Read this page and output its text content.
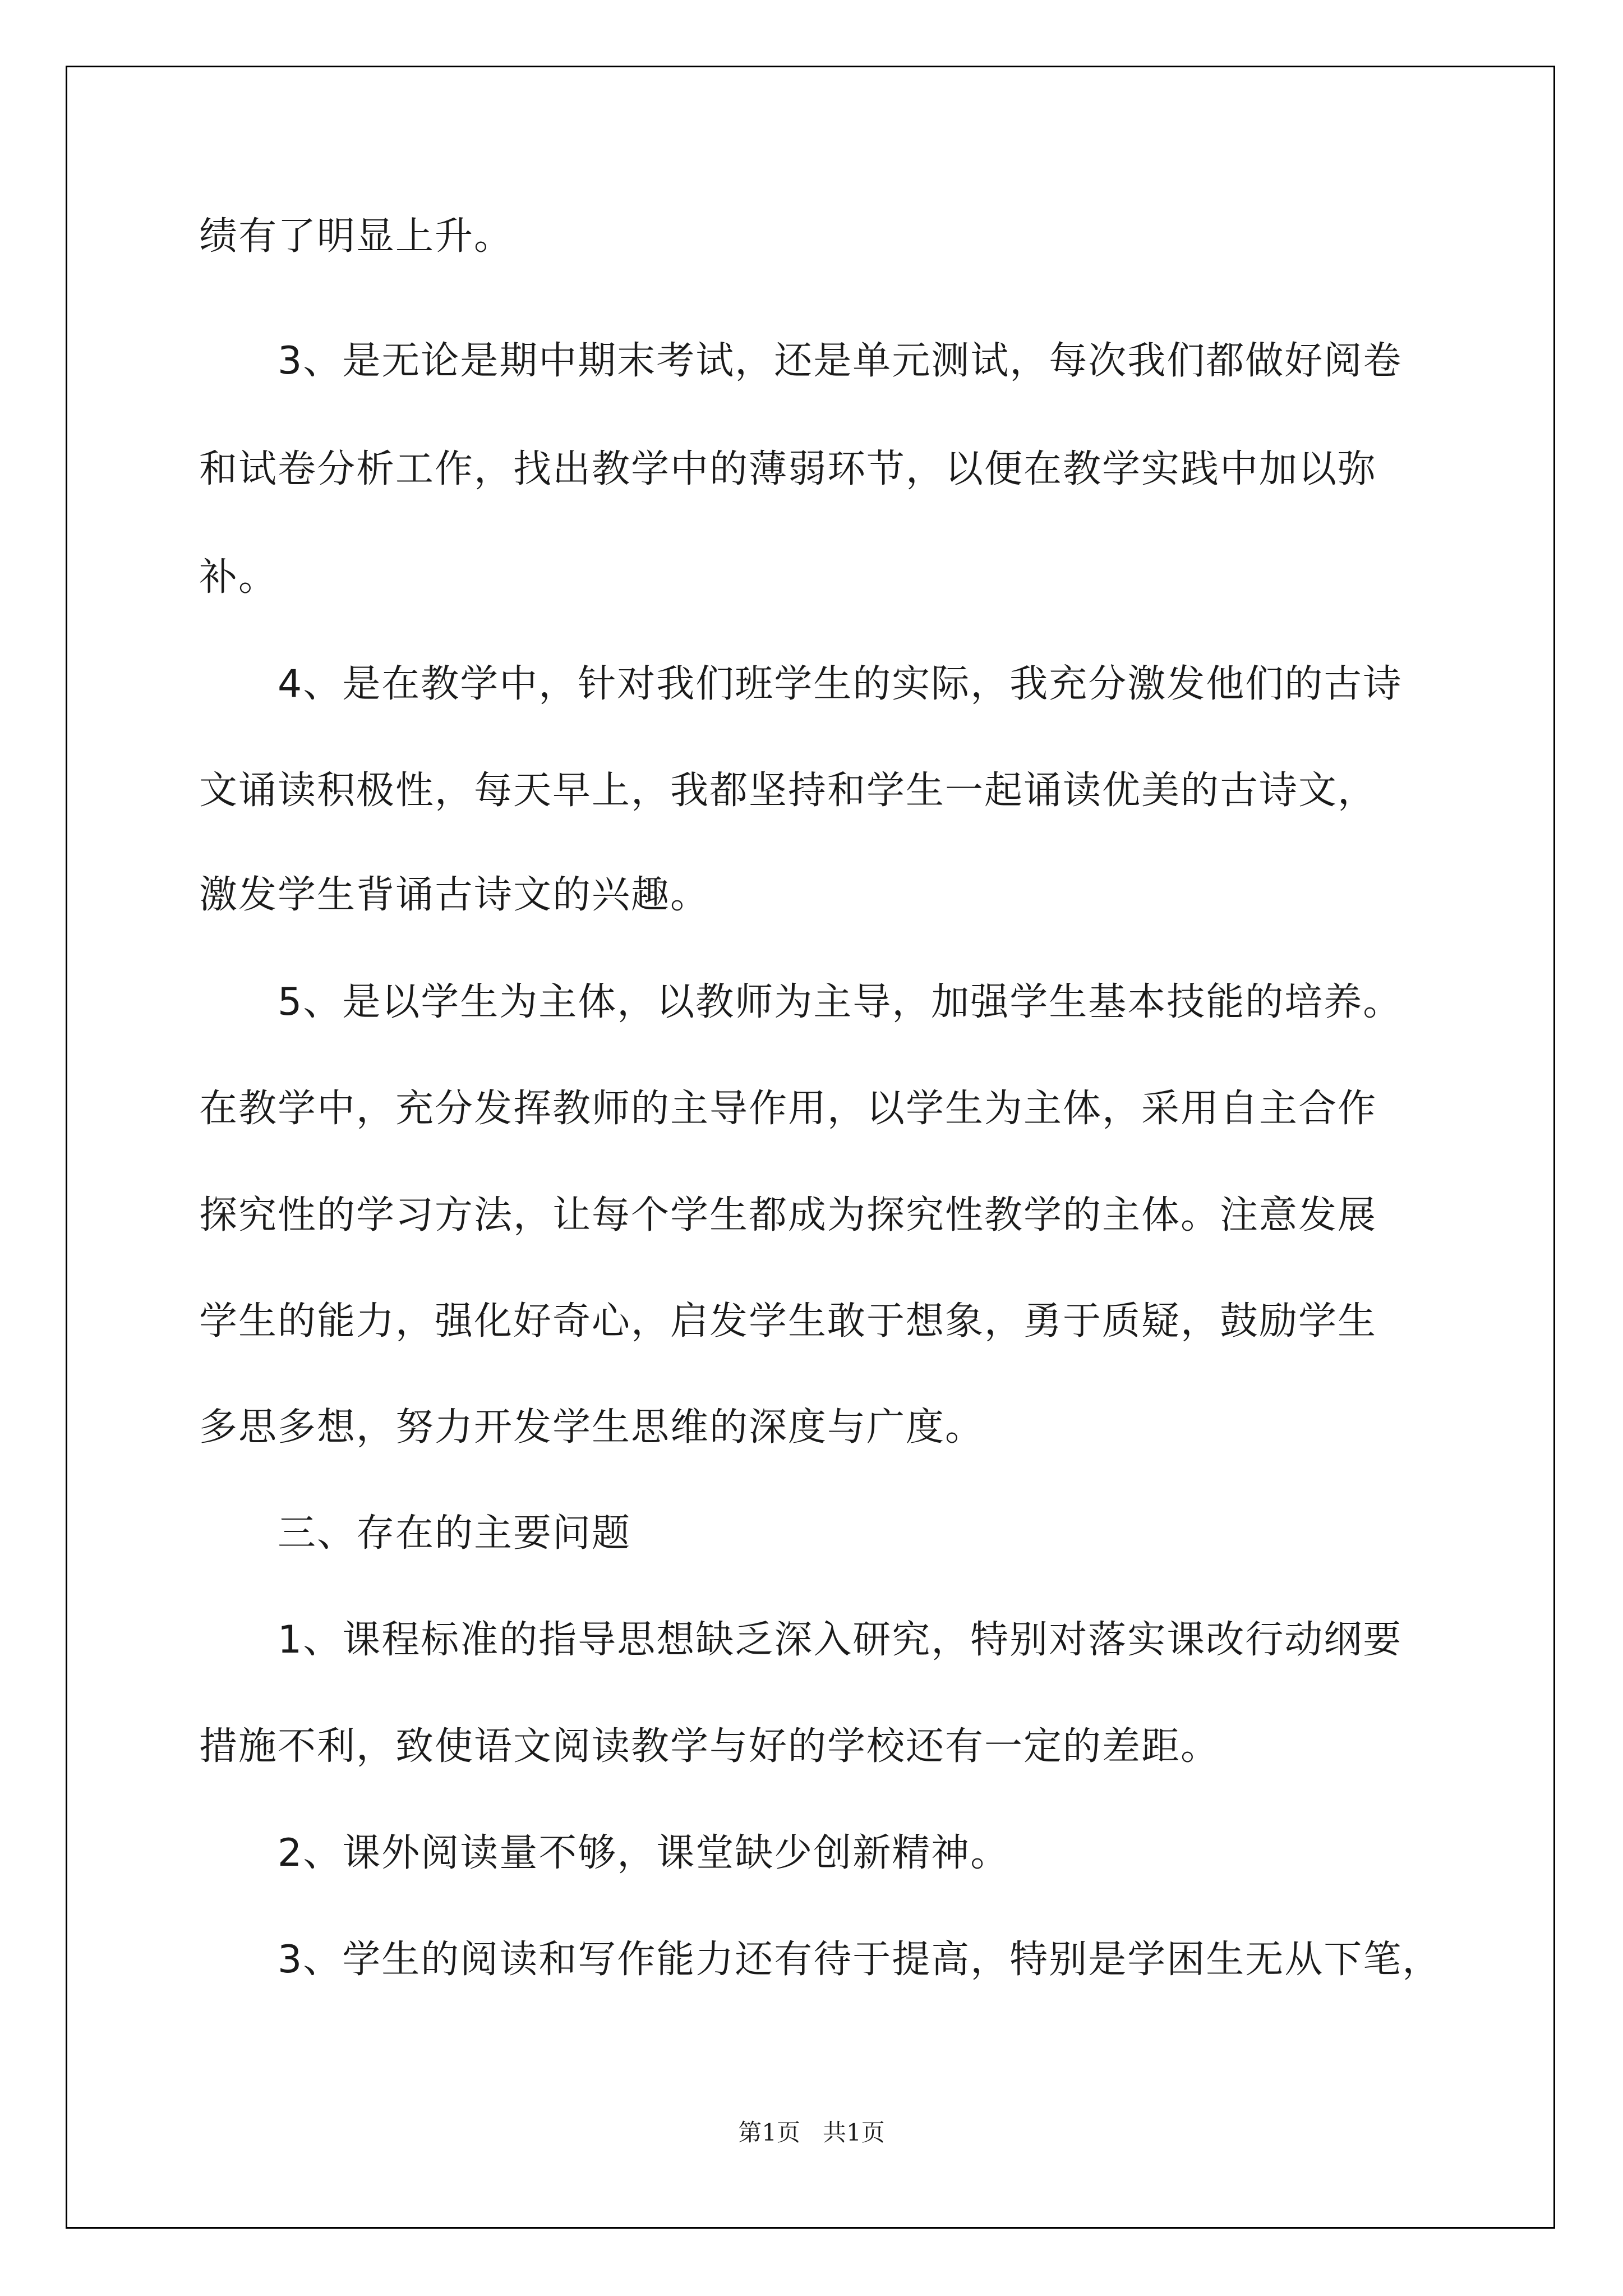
绩有了明显上升。

3、是无论是期中期末考试，还是单元测试，每次我们都做好阅卷

和试卷分析工作，找出教学中的薄弱环节，以便在教学实践中加以弥

补。

4、是在教学中，针对我们班学生的实际，我充分激发他们的古诗

文诵读积极性，每天早上，我都坚持和学生一起诵读优美的古诗文，

激发学生背诵古诗文的兴趣。

5、是以学生为主体，以教师为主导，加强学生基本技能的培养。

在教学中，充分发挥教师的主导作用，以学生为主体，采用自主合作

探究性的学习方法，让每个学生都成为探究性教学的主体。注意发展

学生的能力，强化好奇心，启发学生敢于想象，勇于质疑，鼓励学生

多思多想，努力开发学生思维的深度与广度。

三、存在的主要问题

1、课程标准的指导思想缺乏深入研究，特别对落实课改行动纲要

措施不利，致使语文阅读教学与好的学校还有一定的差距。

2、课外阅读量不够，课堂缺少创新精神。

3、学生的阅读和写作能力还有待于提高，特别是学困生无从下笔，

第1页   共1页
